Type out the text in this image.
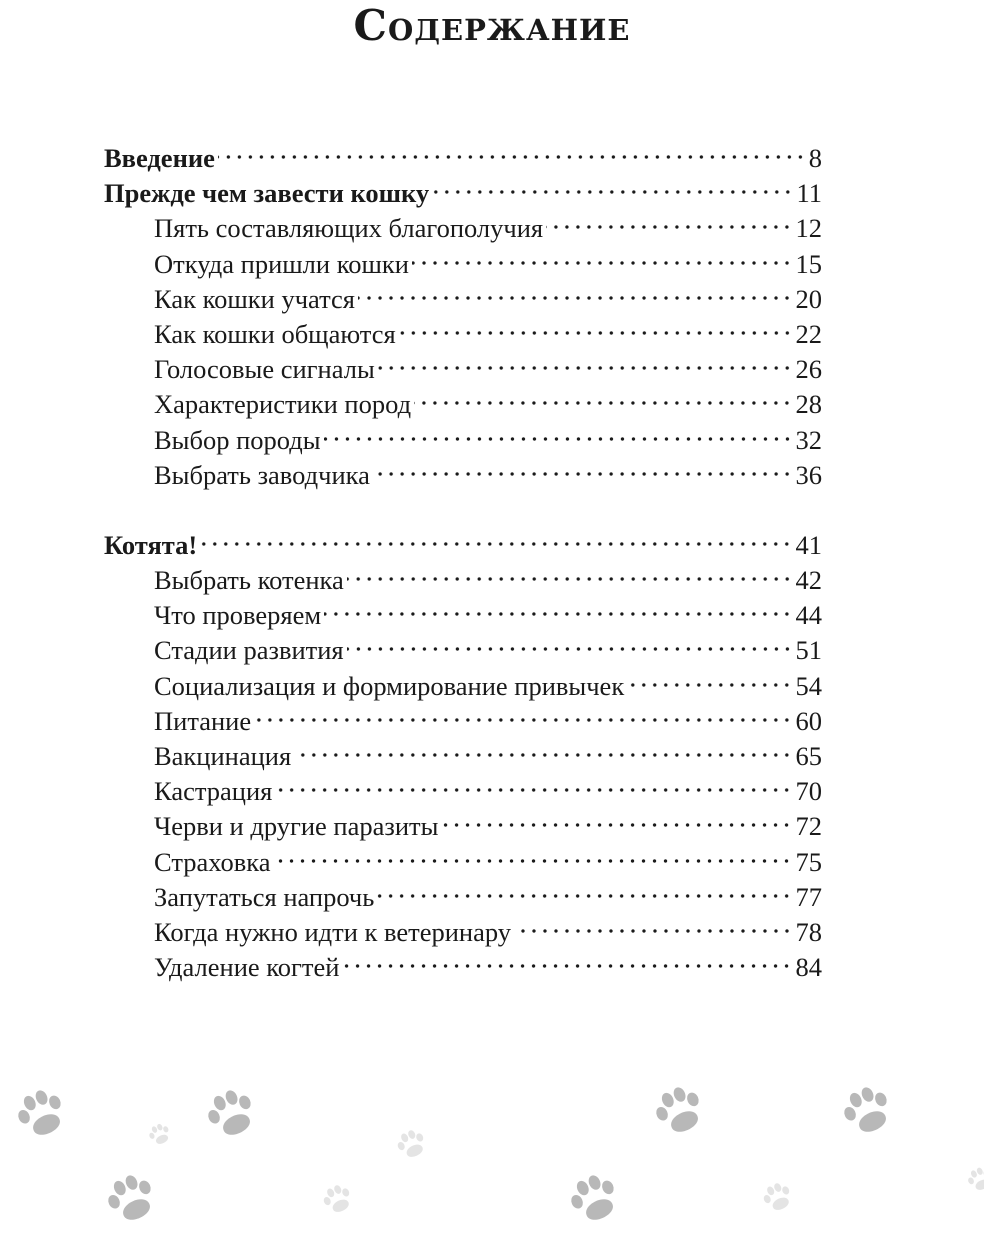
Содержание
Введение	8
Прежде чем завести кошку	11
Пять составляющих благополучия	12
Откуда пришли кошки	15
Как кошки учатся	20
Как кошки общаются	22
Голосовые сигналы	26
Характеристики пород	28
Выбор породы	32
Выбрать заводчика	36
Котята!	41
Выбрать котенка	42
Что проверяем	44
Стадии развития	51
Социализация и формирование привычек	54
Питание	60
Вакцинация	65
Кастрация	70
Черви и другие паразиты	72
Страховка	75
Запутаться напрочь	77
Когда нужно идти к ветеринару	78
Удаление когтей	84
